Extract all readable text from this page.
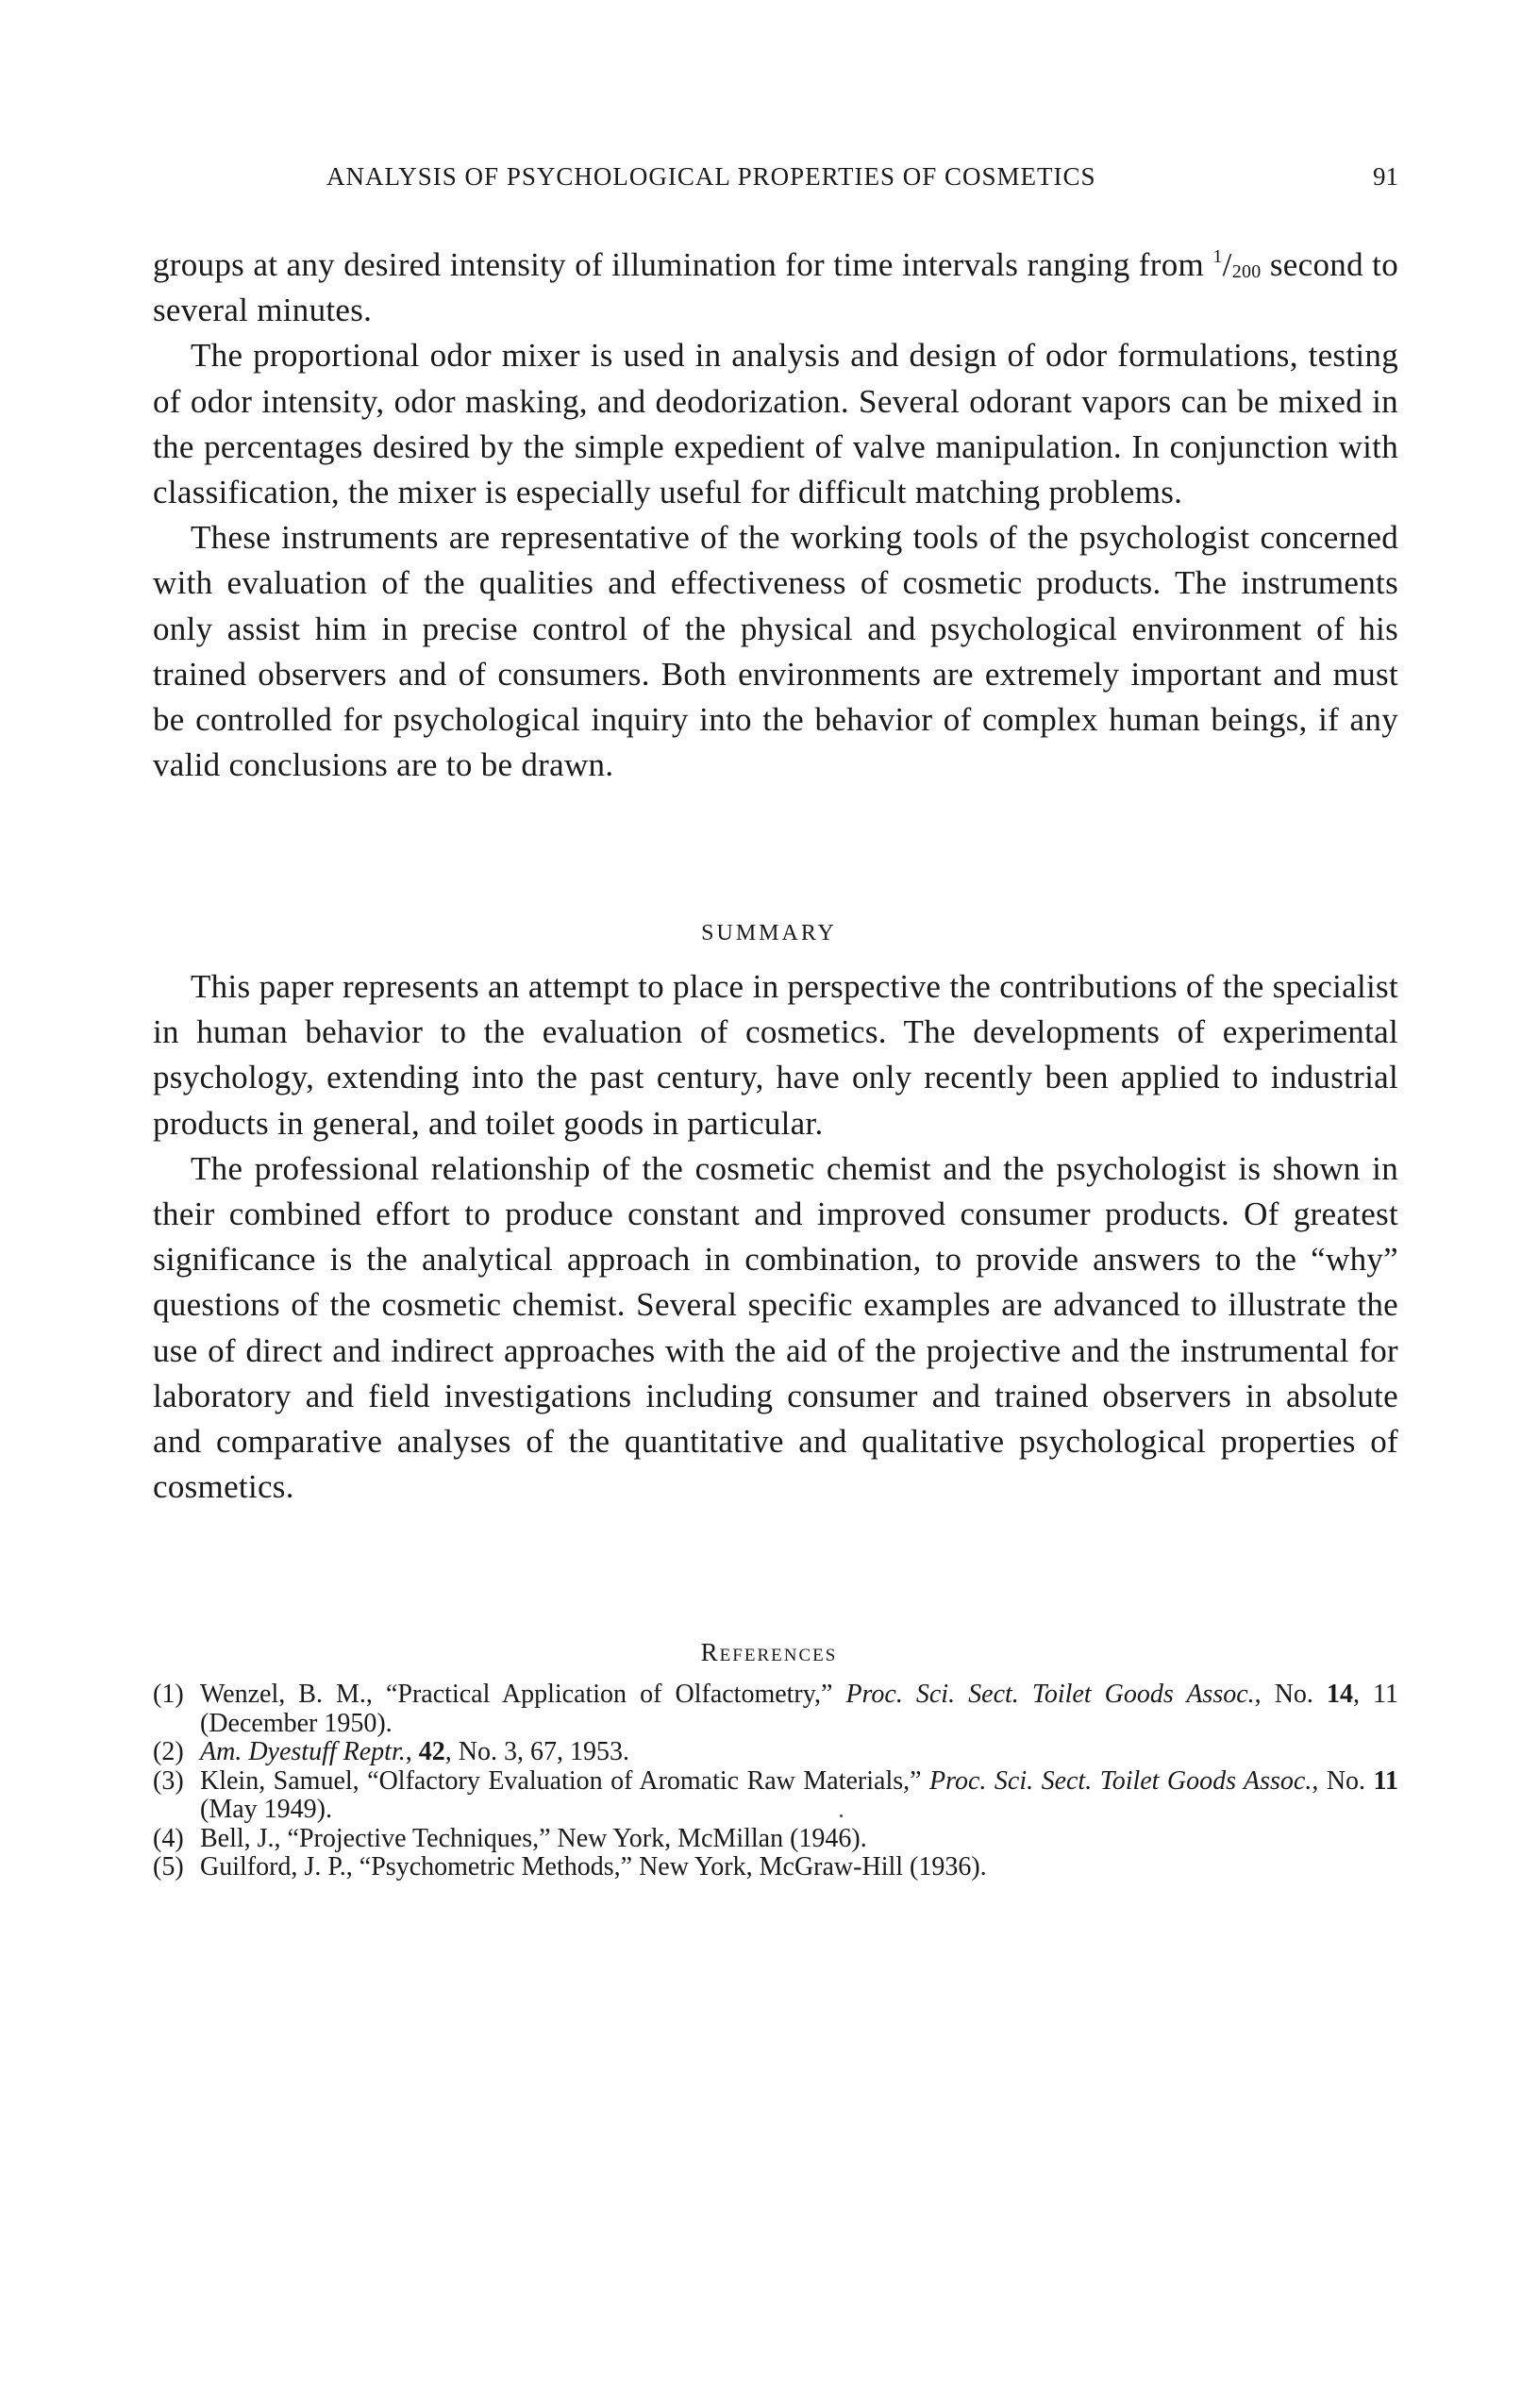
ANALYSIS OF PSYCHOLOGICAL PROPERTIES OF COSMETICS	91

groups at any desired intensity of illumination for time intervals ranging from $^1/_{200}$ second to several minutes.

The proportional odor mixer is used in analysis and design of odor formulations, testing of odor intensity, odor masking, and deodorization. Several odorant vapors can be mixed in the percentages desired by the simple expedient of valve manipulation. In conjunction with classification, the mixer is especially useful for difficult matching problems.

These instruments are representative of the working tools of the psychologist concerned with evaluation of the qualities and effectiveness of cosmetic products. The instruments only assist him in precise control of the physical and psychological environment of his trained observers and of consumers. Both environments are extremely important and must be controlled for psychological inquiry into the behavior of complex human beings, if any valid conclusions are to be drawn.

SUMMARY

This paper represents an attempt to place in perspective the contributions of the specialist in human behavior to the evaluation of cosmetics. The developments of experimental psychology, extending into the past century, have only recently been applied to industrial products in general, and toilet goods in particular.

The professional relationship of the cosmetic chemist and the psychologist is shown in their combined effort to produce constant and improved consumer products. Of greatest significance is the analytical approach in combination, to provide answers to the “why” questions of the cosmetic chemist. Several specific examples are advanced to illustrate the use of direct and indirect approaches with the aid of the projective and the instrumental for laboratory and field investigations including consumer and trained observers in absolute and comparative analyses of the quantitative and qualitative psychological properties of cosmetics.

References
(1) Wenzel, B. M., “Practical Application of Olfactometry,” Proc. Sci. Sect. Toilet Goods Assoc., No. 14, 11 (December 1950).
(2) Am. Dyestuff Reptr., 42, No. 3, 67, 1953.
(3) Klein, Samuel, “Olfactory Evaluation of Aromatic Raw Materials,” Proc. Sci. Sect. Toilet Goods Assoc., No. 11 (May 1949).
(4) Bell, J., “Projective Techniques,” New York, McMillan (1946).
(5) Guilford, J. P., “Psychometric Methods,” New York, McGraw-Hill (1936).
